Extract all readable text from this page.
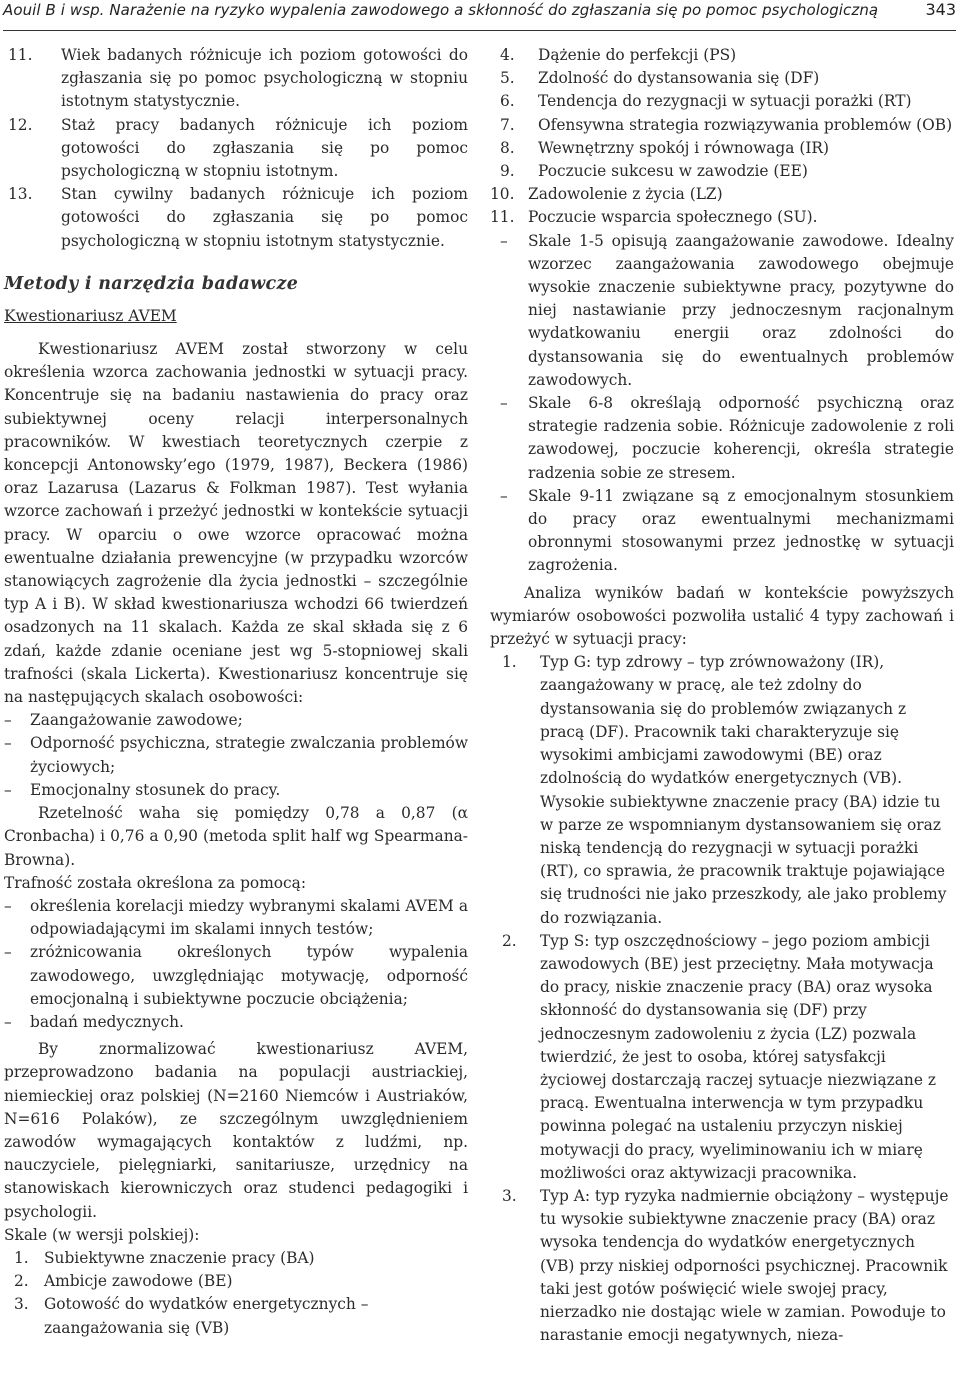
Aouil B i wsp. Narażenie na ryzyko wypalenia zawodowego a skłonność do zgłaszania się po pomoc psychologiczną	343
11.	Wiek badanych różnicuje ich poziom gotowości do zgłaszania się po pomoc psychologiczną w stopniu istotnym statystycznie.
12.	Staż pracy badanych różnicuje ich poziom gotowości do zgłaszania się po pomoc psychologiczną w stopniu istotnym.
13.	Stan cywilny badanych różnicuje ich poziom gotowości do zgłaszania się po pomoc psychologiczną w stopniu istotnym statystycznie.
Metody i narzędzia badawcze
Kwestionariusz AVEM

Kwestionariusz AVEM został stworzony w celu określenia wzorca zachowania jednostki w sytuacji pracy. Koncentruje się na badaniu nastawienia do pracy oraz subiektywnej oceny relacji interpersonalnych pracowników. W kwestiach teoretycznych czerpie z koncepcji Antonowsky’ego (1979, 1987), Beckera (1986) oraz Lazarusa (Lazarus & Folkman 1987). Test wyłania wzorce zachowań i przeżyć jednostki w kontekście sytuacji pracy. W oparciu o owe wzorce opracować można ewentualne działania prewencyjne (w przypadku wzorców stanowiących zagrożenie dla życia jednostki – szczególnie typ A i B). W skład kwestionariusza wchodzi 66 twierdzeń osadzonych na 11 skalach. Każda ze skal składa się z 6 zdań, każde zdanie oceniane jest wg 5-stopniowej skali trafności (skala Lickerta). Kwestionariusz koncentruje się na następujących skalach osobowości:

–	Zaangażowanie zawodowe;
–	Odporność psychiczna, strategie zwalczania problemów życiowych;
–	Emocjonalny stosunek do pracy.

Rzetelność waha się pomiędzy 0,78 a 0,87 (α Cronbacha) i 0,76 a 0,90 (metoda split half wg Spearmana-Browna).

Trafność została określona za pomocą:

–	określenia korelacji miedzy wybranymi skalami AVEM a odpowiadającymi im skalami innych testów;
–	zróżnicowania określonych typów wypalenia zawodowego, uwzględniając motywację, odporność emocjonalną i subiektywne poczucie obciążenia;
–	badań medycznych.

By znormalizować kwestionariusz AVEM, przeprowadzono badania na populacji austriackiej, niemieckiej oraz polskiej (N=2160 Niemców i Austriaków, N=616 Polaków), ze szczególnym uwzględnieniem zawodów wymagających kontaktów z ludźmi, np. nauczyciele, pielęgniarki, sanitariusze, urzędnicy na stanowiskach kierowniczych oraz studenci pedagogiki i psychologii.

Skale (w wersji polskiej):

1. Subiektywne znaczenie pracy (BA)
2. Ambicje zawodowe (BE)
3. Gotowość do wydatków energetycznych – zaangażowania się (VB)
4.	Dążenie do perfekcji (PS)
5.	Zdolność do dystansowania się (DF)
6.	Tendencja do rezygnacji w sytuacji porażki (RT)
7.	Ofensywna strategia rozwiązywania problemów (OB)
8.	Wewnętrzny spokój i równowaga (IR)
9.	Poczucie sukcesu w zawodzie (EE)
10. Zadowolenie z życia (LZ)
11. Poczucie wsparcia społecznego (SU).
–	Skale 1-5 opisują zaangażowanie zawodowe. Idealny wzorzec zaangażowania zawodowego obejmuje wysokie znaczenie subiektywne pracy, pozytywne do niej nastawianie przy jednoczesnym racjonalnym wydatkowaniu energii oraz zdolności do dystansowania się do ewentualnych problemów zawodowych.
–	Skale 6-8 określają odporność psychiczną oraz strategie radzenia sobie. Różnicuje zadowolenie z roli zawodowej, poczucie koherencji, określa strategie radzenia sobie ze stresem.
–	Skale 9-11 związane są z emocjonalnym stosunkiem do pracy oraz ewentualnymi mechanizmami obronnymi stosowanymi przez jednostkę w sytuacji zagrożenia.

Analiza wyników badań w kontekście powyższych wymiarów osobowości pozwoliła ustalić 4 typy zachowań i przeżyć w sytuacji pracy:

1.	Typ G: typ zdrowy – typ zrównoważony (IR), zaangażowany w pracę, ale też zdolny do dystansowania się do problemów związanych z pracą (DF). Pracownik taki charakteryzuje się wysokimi ambicjami zawodowymi (BE) oraz zdolnością do wydatków energetycznych (VB). Wysokie subiektywne znaczenie pracy (BA) idzie tu w parze ze wspomnianym dystansowaniem się oraz niską tendencją do rezygnacji w sytuacji porażki (RT), co sprawia, że pracownik traktuje pojawiające się trudności nie jako przeszkody, ale jako problemy do rozwiązania.
2.	Typ S: typ oszczędnościowy – jego poziom ambicji zawodowych (BE) jest przeciętny. Mała motywacja do pracy, niskie znaczenie pracy (BA) oraz wysoka skłonność do dystansowania się (DF) przy jednoczesnym zadowoleniu z życia (LZ) pozwala twierdzić, że jest to osoba, której satysfakcji życiowej dostarczają raczej sytuacje niezwiązane z pracą. Ewentualna interwencja w tym przypadku powinna polegać na ustaleniu przyczyn niskiej motywacji do pracy, wyeliminowaniu ich w miarę możliwości oraz aktywizacji pracownika.
3.	Typ A: typ ryzyka nadmiernie obciążony – występuje tu wysokie subiektywne znaczenie pracy (BA) oraz wysoka tendencja do wydatków energetycznych (VB) przy niskiej odporności psychicznej. Pracownik taki jest gotów poświęcić wiele swojej pracy, nierzadko nie dostając wiele w zamian. Powoduje to narastanie emocji negatywnych, nieza-
